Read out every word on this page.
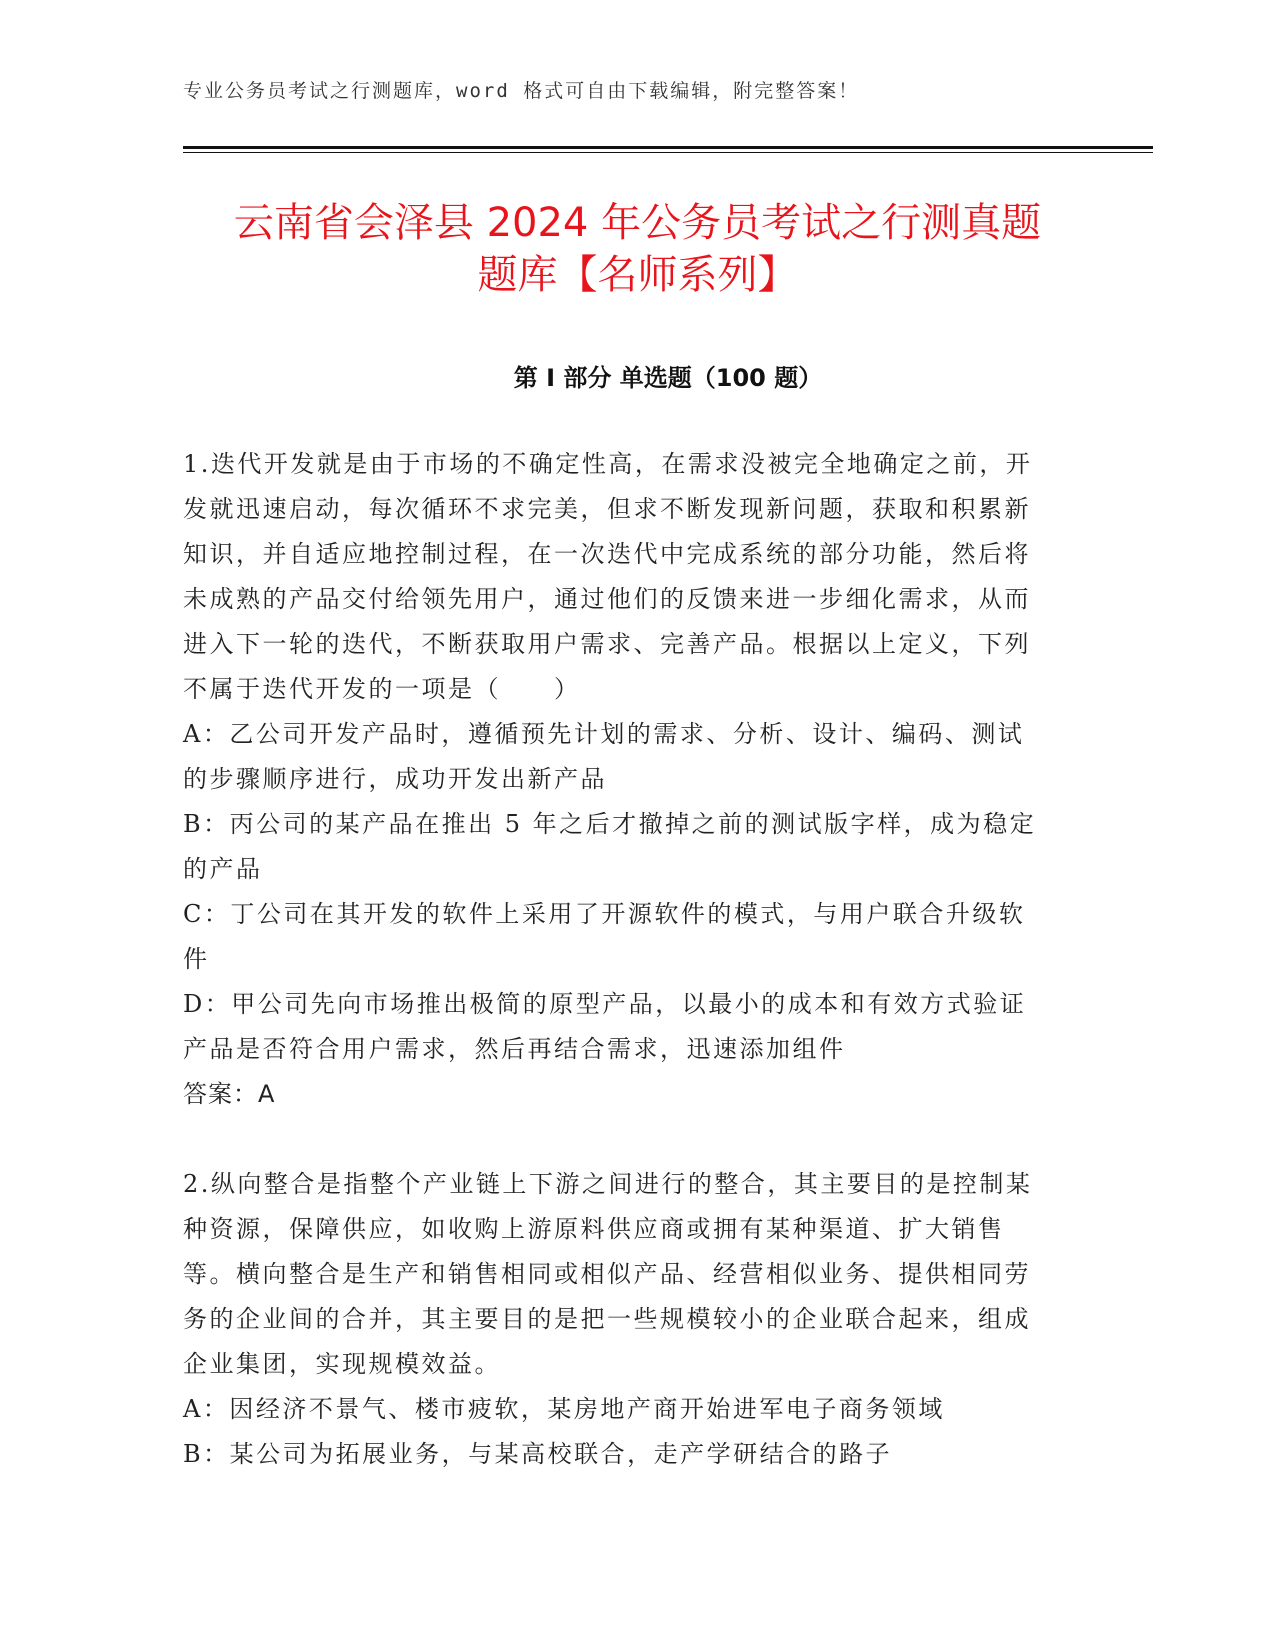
专业公务员考试之行测题库，word 格式可自由下载编辑，附完整答案！
云南省会泽县 2024 年公务员考试之行测真题
题库【名师系列】
第 I 部分 单选题（100 题）

1.迭代开发就是由于市场的不确定性高，在需求没被完全地确定之前，开发就迅速启动，每次循环不求完美，但求不断发现新问题，获取和积累新知识，并自适应地控制过程，在一次迭代中完成系统的部分功能，然后将未成熟的产品交付给领先用户，通过他们的反馈来进一步细化需求，从而进入下一轮的迭代，不断获取用户需求、完善产品。根据以上定义，下列不属于迭代开发的一项是（　　）

A：乙公司开发产品时，遵循预先计划的需求、分析、设计、编码、测试的步骤顺序进行，成功开发出新产品

B：丙公司的某产品在推出 5 年之后才撤掉之前的测试版字样，成为稳定的产品

C：丁公司在其开发的软件上采用了开源软件的模式，与用户联合升级软件

D：甲公司先向市场推出极简的原型产品，以最小的成本和有效方式验证产品是否符合用户需求，然后再结合需求，迅速添加组件

答案：A

2.纵向整合是指整个产业链上下游之间进行的整合，其主要目的是控制某种资源，保障供应，如收购上游原料供应商或拥有某种渠道、扩大销售等。横向整合是生产和销售相同或相似产品、经营相似业务、提供相同劳务的企业间的合并，其主要目的是把一些规模较小的企业联合起来，组成企业集团，实现规模效益。

A：因经济不景气、楼市疲软，某房地产商开始进军电子商务领域

B：某公司为拓展业务，与某高校联合，走产学研结合的路子
